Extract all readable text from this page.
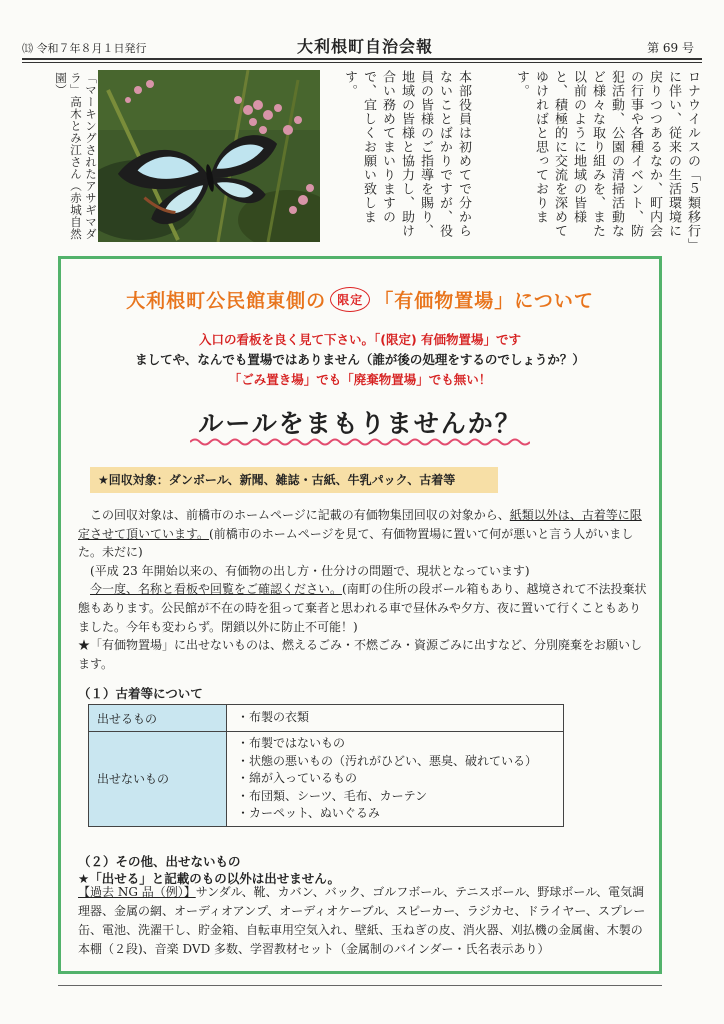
⒀ 令和７年８月１日発行	大利根町自治会報	第 69 号
「マーキングされたアサギマダラ」高木とみ江さん（赤城自然園）	本部役員は初めてで分からないことばかりですが、役員の皆様のご指導を賜り、地域の皆様と協力し、助け合い務めてまいりますので、宜しくお願い致します。	ロナウイルスの「５類移行」に伴い、従来の生活環境に戻りつつあるなか、町内会の行事や各種イベント、防犯活動、公園の清掃活動など様々な取り組みを、また以前のように地域の皆様と、積極的に交流を深めてゆければと思っております。
大利根町公民館東側の 限定 「有価物置場」について
入口の看板を良く見て下さい。「(限定) 有価物置場」です
ましてや、なんでも置場ではありません（誰が後の処理をするのでしょうか？）
「ごみ置き場」でも「廃棄物置場」でも無い！
ルールをまもりませんか？
★回収対象：ダンボール、新聞、雑誌・古紙、牛乳パック、古着等

　この回収対象は、前橋市のホームページに記載の有価物集団回収の対象から、紙類以外は、古着等に限定させて頂いています。(前橋市のホームページを見て、有価物置場に置いて何が悪いと言う人がいました。未だに)

　(平成 23 年開始以来の、有価物の出し方・仕分けの問題で、現状となっています)

　今一度、名称と看板や回覧をご確認ください。(南町の住所の段ボール箱もあり、越境されて不法投棄状態もあります。公民館が不在の時を狙って棄者と思われる車で昼休みや夕方、夜に置いて行くこともありました。今年も変わらず。閉鎖以外に防止不可能！)

★「有価物置場」に出せないものは、燃えるごみ・不燃ごみ・資源ごみに出すなど、分別廃棄をお願いします。

（１）古着等について
出せるもの	・布製の衣類

出せないもの	・布製ではないもの
・状態の悪いもの（汚れがひどい、悪臭、破れている）
・綿が入っているもの
・布団類、シーツ、毛布、カーテン
・カーペット、ぬいぐるみ
（２）その他、出せないもの
★「出せる」と記載のもの以外は出せません。
【過去 NG 品（例）】サンダル、靴、カバン、バック、ゴルフボール、テニスボール、野球ボール、電気調理器、金属の網、オーディオアンプ、オーディオケーブル、スピーカー、ラジカセ、ドライヤー、スプレー缶、電池、洗濯干し、貯金箱、自転車用空気入れ、壁紙、玉ねぎの皮、消火器、刈払機の金属歯、木製の本棚（２段)、音楽 DVD 多数、学習教材セット（金属制のバインダー・氏名表示あり）
